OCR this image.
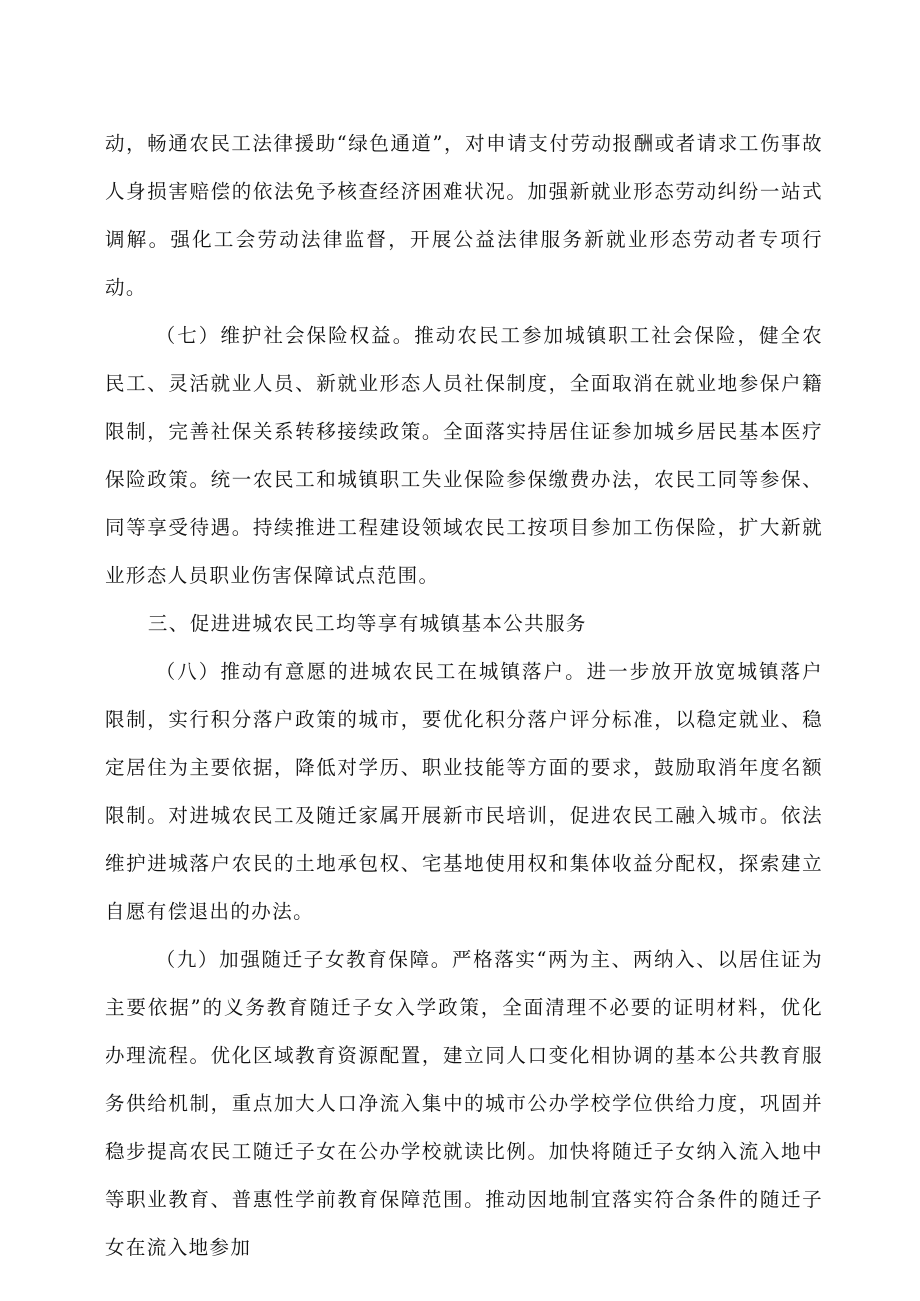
动，畅通农民工法律援助“绿色通道”，对申请支付劳动报酬或者请求工伤事故人身损害赔偿的依法免予核查经济困难状况。加强新就业形态劳动纠纷一站式调解。强化工会劳动法律监督，开展公益法律服务新就业形态劳动者专项行动。

（七）维护社会保险权益。推动农民工参加城镇职工社会保险，健全农民工、灵活就业人员、新就业形态人员社保制度，全面取消在就业地参保户籍限制，完善社保关系转移接续政策。全面落实持居住证参加城乡居民基本医疗保险政策。统一农民工和城镇职工失业保险参保缴费办法，农民工同等参保、同等享受待遇。持续推进工程建设领域农民工按项目参加工伤保险，扩大新就业形态人员职业伤害保障试点范围。

三、促进进城农民工均等享有城镇基本公共服务

（八）推动有意愿的进城农民工在城镇落户。进一步放开放宽城镇落户限制，实行积分落户政策的城市，要优化积分落户评分标准，以稳定就业、稳定居住为主要依据，降低对学历、职业技能等方面的要求，鼓励取消年度名额限制。对进城农民工及随迁家属开展新市民培训，促进农民工融入城市。依法维护进城落户农民的土地承包权、宅基地使用权和集体收益分配权，探索建立自愿有偿退出的办法。

（九）加强随迁子女教育保障。严格落实“两为主、两纳入、以居住证为主要依据”的义务教育随迁子女入学政策，全面清理不必要的证明材料，优化办理流程。优化区域教育资源配置，建立同人口变化相协调的基本公共教育服务供给机制，重点加大人口净流入集中的城市公办学校学位供给力度，巩固并稳步提高农民工随迁子女在公办学校就读比例。加快将随迁子女纳入流入地中等职业教育、普惠性学前教育保障范围。推动因地制宜落实符合条件的随迁子女在流入地参加
